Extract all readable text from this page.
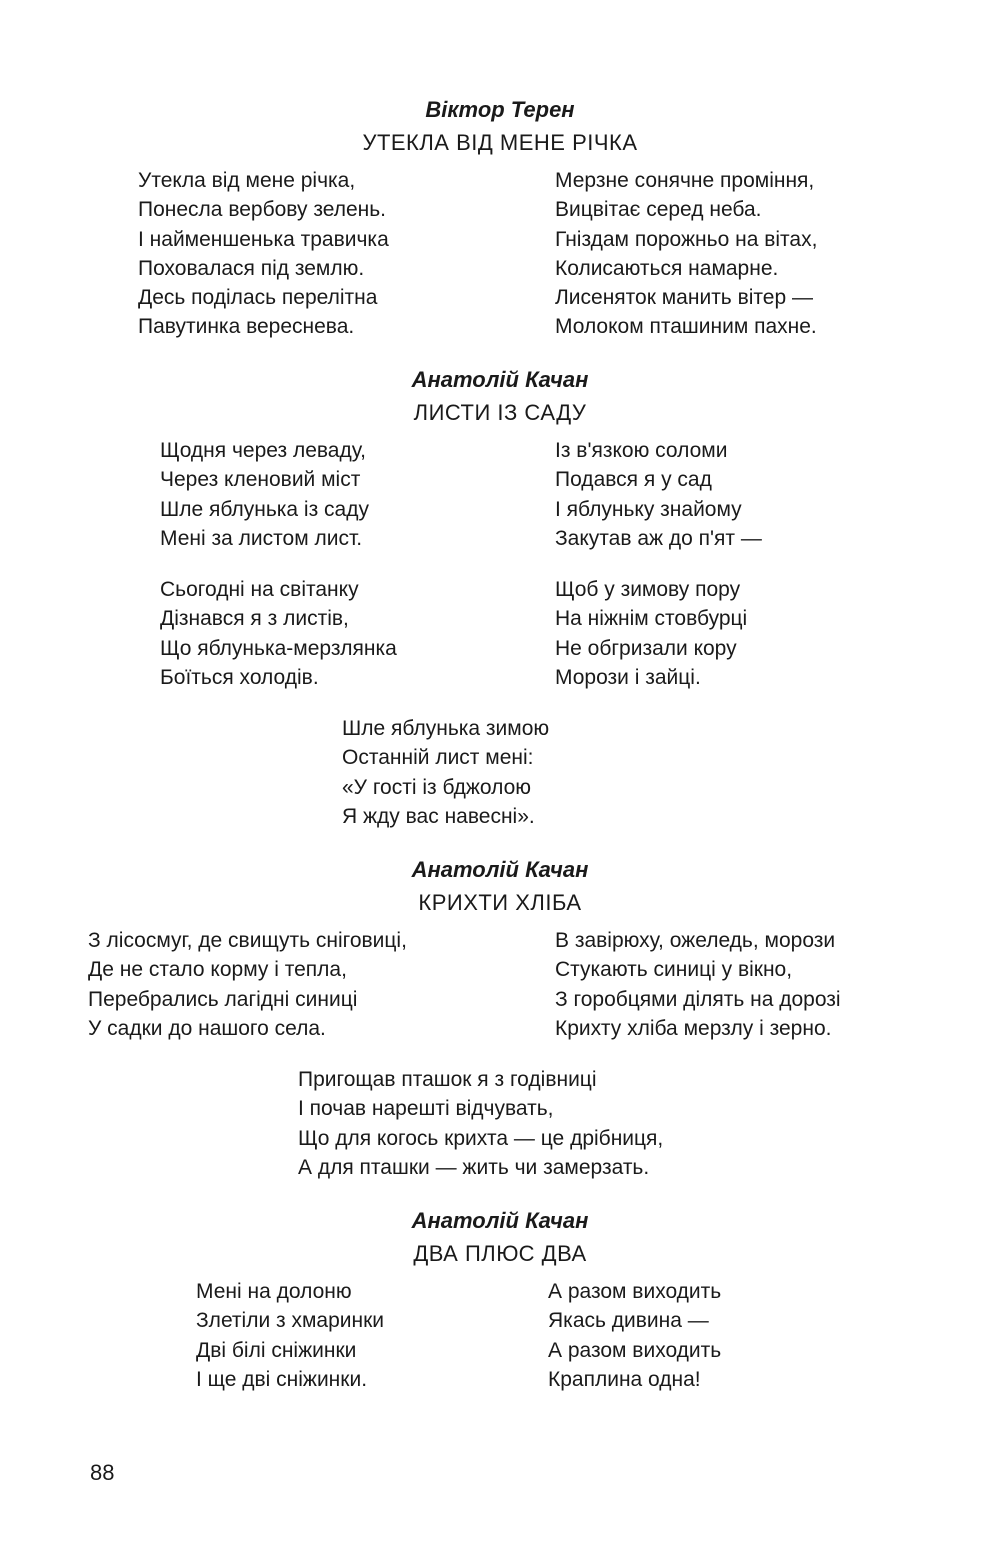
Віктор Терен
УТЕКЛА ВІД МЕНЕ РІЧКА
Утекла від мене річка,
Понесла вербову зелень.
І найменшенька травичка
Поховалася під землю.
Десь поділась перелітна
Павутинка вереснева.
Мерзне сонячне проміння,
Вицвітає серед неба.
Гніздам порожньо на вітах,
Колисаються намарне.
Лисеняток манить вітер —
Молоком пташиним пахне.
Анатолій Качан
ЛИСТИ ІЗ САДУ
Щодня через леваду,
Через кленовий міст
Шле яблунька із саду
Мені за листом лист.
Із в'язкою соломи
Подався я у сад
І яблуньку знайому
Закутав аж до п'ят —
Сьогодні на світанку
Дізнався я з листів,
Що яблунька-мерзлянка
Боїться холодів.
Щоб у зимову пору
На ніжнім стовбурці
Не обгризали кору
Морози і зайці.
Шле яблунька зимою
Останній лист мені:
«У гості із бджолою
Я жду вас навесні».
Анатолій Качан
КРИХТИ ХЛІБА
З лісосмуг, де свищуть сніговиці,
Де не стало корму і тепла,
Перебрались лагідні синиці
У садки до нашого села.
В завірюху, ожеледь, морози
Стукають синиці у вікно,
З горобцями ділять на дорозі
Крихту хліба мерзлу і зерно.
Пригощав пташок я з годівниці
І почав нарешті відчувать,
Що для когось крихта — це дрібниця,
А для пташки — жить чи замерзать.
Анатолій Качан
ДВА ПЛЮС ДВА
Мені на долоню
Злетіли з хмаринки
Дві білі сніжинки
І ще дві сніжинки.
А разом виходить
Якась дивина —
А разом виходить
Краплина одна!
88
